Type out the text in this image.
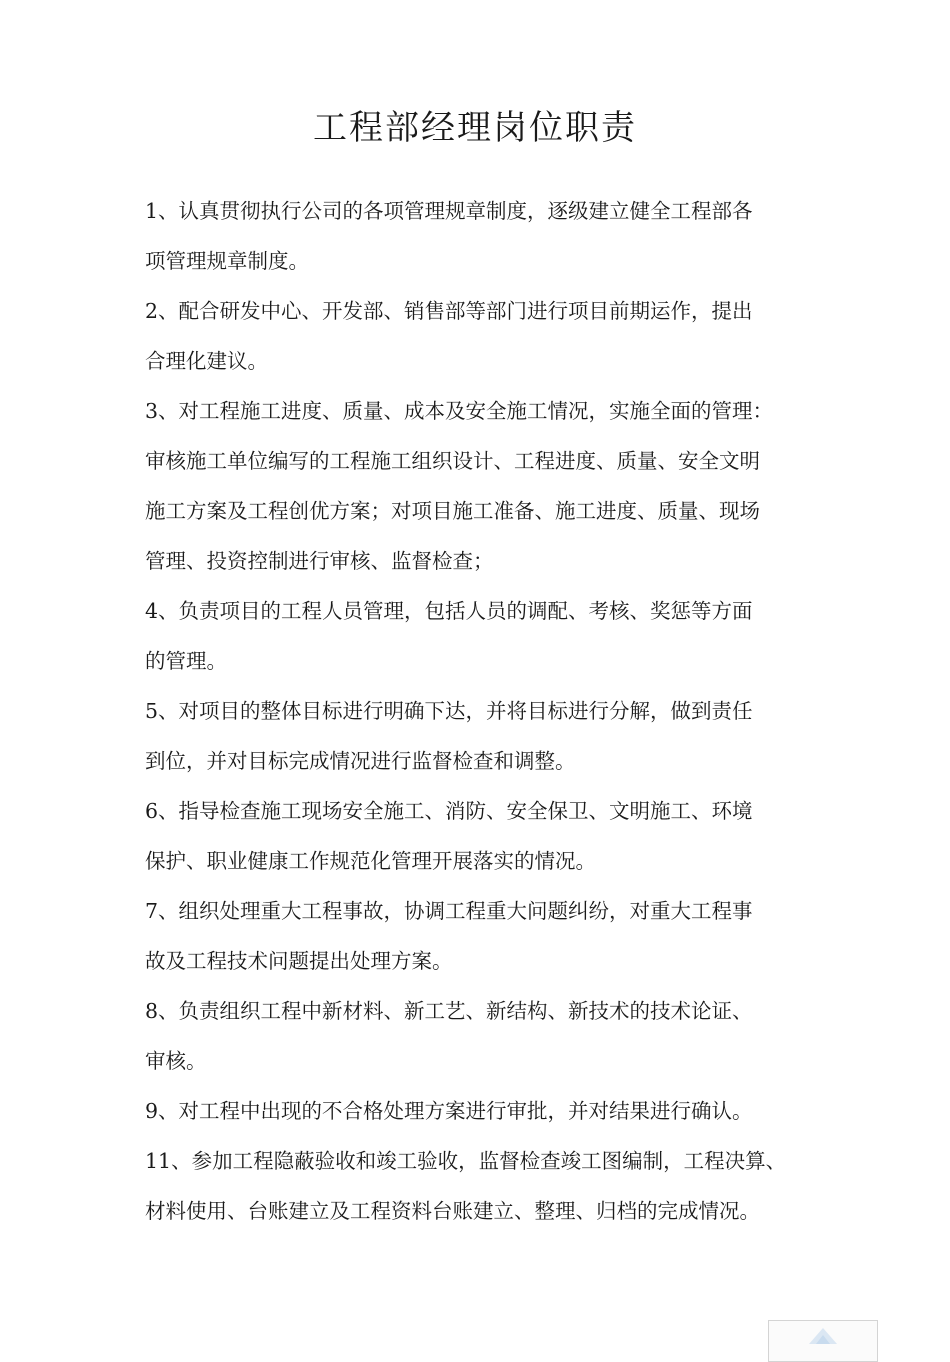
工程部经理岗位职责
1、认真贯彻执行公司的各项管理规章制度，逐级建立健全工程部各
项管理规章制度。
2、配合研发中心、开发部、销售部等部门进行项目前期运作，提出
合理化建议。
3、对工程施工进度、质量、成本及安全施工情况，实施全面的管理：
审核施工单位编写的工程施工组织设计、工程进度、质量、安全文明
施工方案及工程创优方案；对项目施工准备、施工进度、质量、现场
管理、投资控制进行审核、监督检查；
4、负责项目的工程人员管理，包括人员的调配、考核、奖惩等方面
的管理。
5、对项目的整体目标进行明确下达，并将目标进行分解，做到责任
到位，并对目标完成情况进行监督检查和调整。
6、指导检查施工现场安全施工、消防、安全保卫、文明施工、环境
保护、职业健康工作规范化管理开展落实的情况。
7、组织处理重大工程事故，协调工程重大问题纠纷，对重大工程事
故及工程技术问题提出处理方案。
8、负责组织工程中新材料、新工艺、新结构、新技术的技术论证、
审核。
9、对工程中出现的不合格处理方案进行审批，并对结果进行确认。
11、参加工程隐蔽验收和竣工验收，监督检查竣工图编制，工程决算、
材料使用、台账建立及工程资料台账建立、整理、归档的完成情况。
